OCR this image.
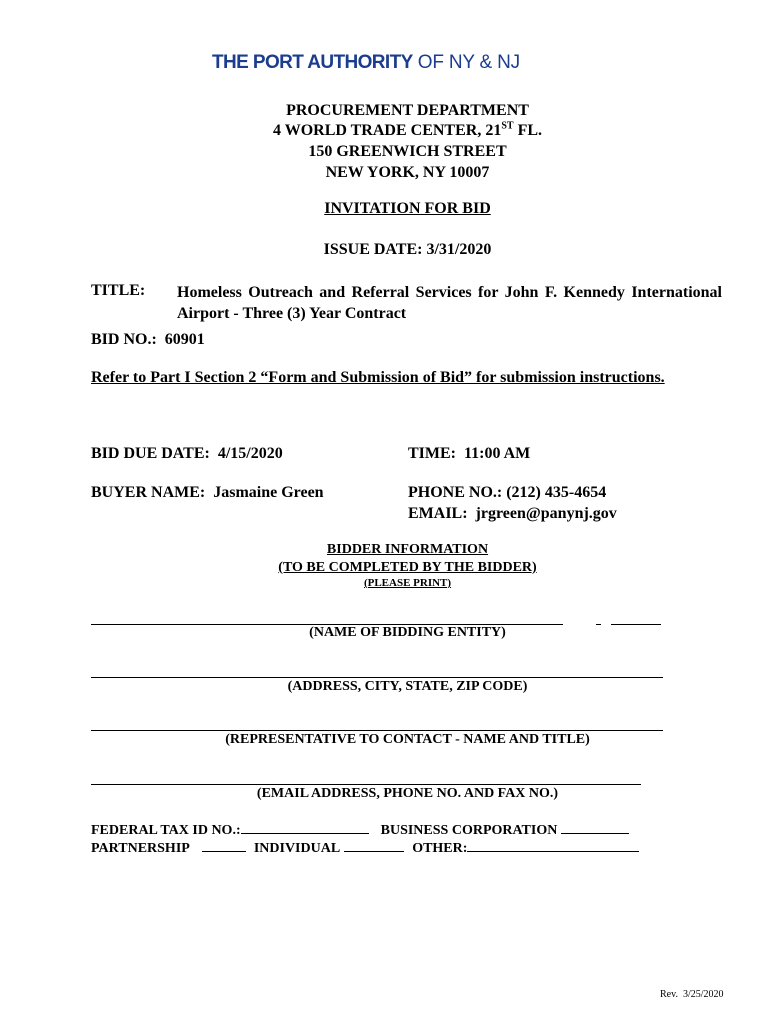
THE PORT AUTHORITY OF NY & NJ
PROCUREMENT DEPARTMENT
4 WORLD TRADE CENTER, 21ST FL.
150 GREENWICH STREET
NEW YORK, NY 10007
INVITATION FOR BID
ISSUE DATE: 3/31/2020
TITLE: Homeless Outreach and Referral Services for John F. Kennedy International Airport - Three (3) Year Contract
BID NO.:  60901
Refer to Part I Section 2 “Form and Submission of Bid” for submission instructions.
BID DUE DATE:  4/15/2020	TIME:  11:00 AM
BUYER NAME:  Jasmaine Green	PHONE NO.: (212) 435-4654
EMAIL:  jrgreen@panynj.gov
BIDDER INFORMATION
(TO BE COMPLETED BY THE BIDDER)
(PLEASE PRINT)
(NAME OF BIDDING ENTITY)
(ADDRESS, CITY, STATE, ZIP CODE)
(REPRESENTATIVE TO CONTACT - NAME AND TITLE)
(EMAIL ADDRESS, PHONE NO. AND FAX NO.)
FEDERAL TAX ID NO.:	BUSINESS CORPORATION
PARTNERSHIP	INDIVIDUAL	OTHER:
Rev.  3/25/2020
